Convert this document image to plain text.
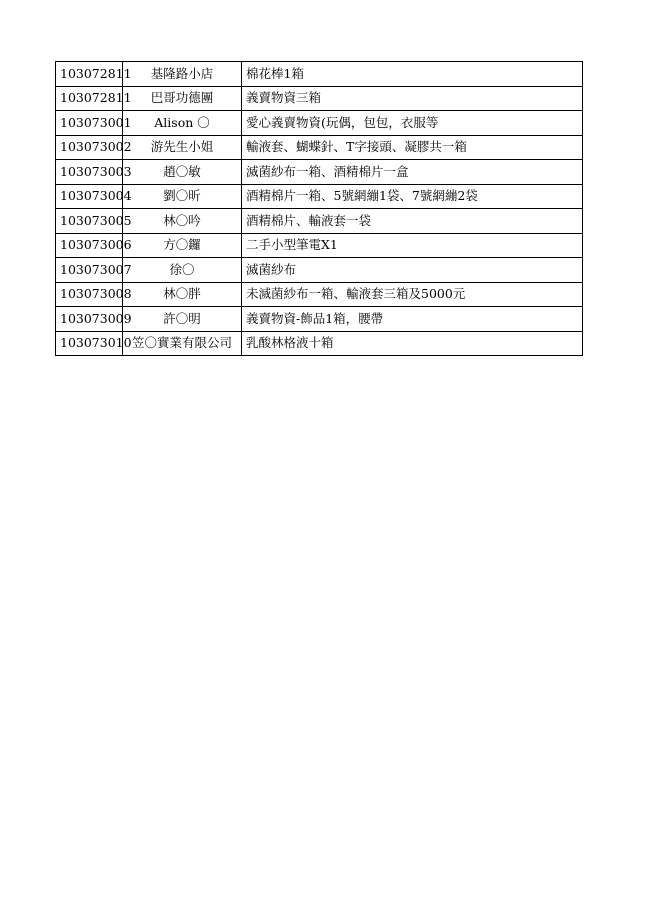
103072811	基隆路小店	棉花棒1箱
103072811	巴哥功德團	義賣物資三箱
103073001	Alison 〇	愛心義賣物資(玩偶，包包，衣服等
103073002	游先生小姐	輸液套、蝴蝶針、T字接頭、凝膠共一箱
103073003	趙〇敏	滅菌紗布一箱、酒精棉片一盒
103073004	劉〇昕	酒精棉片一箱、5號網繃1袋、7號網繃2袋
103073005	林〇吟	酒精棉片、輸液套一袋
103073006	方〇鑼	二手小型筆電X1
103073007	徐〇	滅菌紗布
103073008	林〇胖	未滅菌紗布一箱、輸液套三箱及5000元
103073009	許〇明	義賣物資-飾品1箱，腰帶
103073010	笠〇實業有限公司	乳酸林格液十箱
